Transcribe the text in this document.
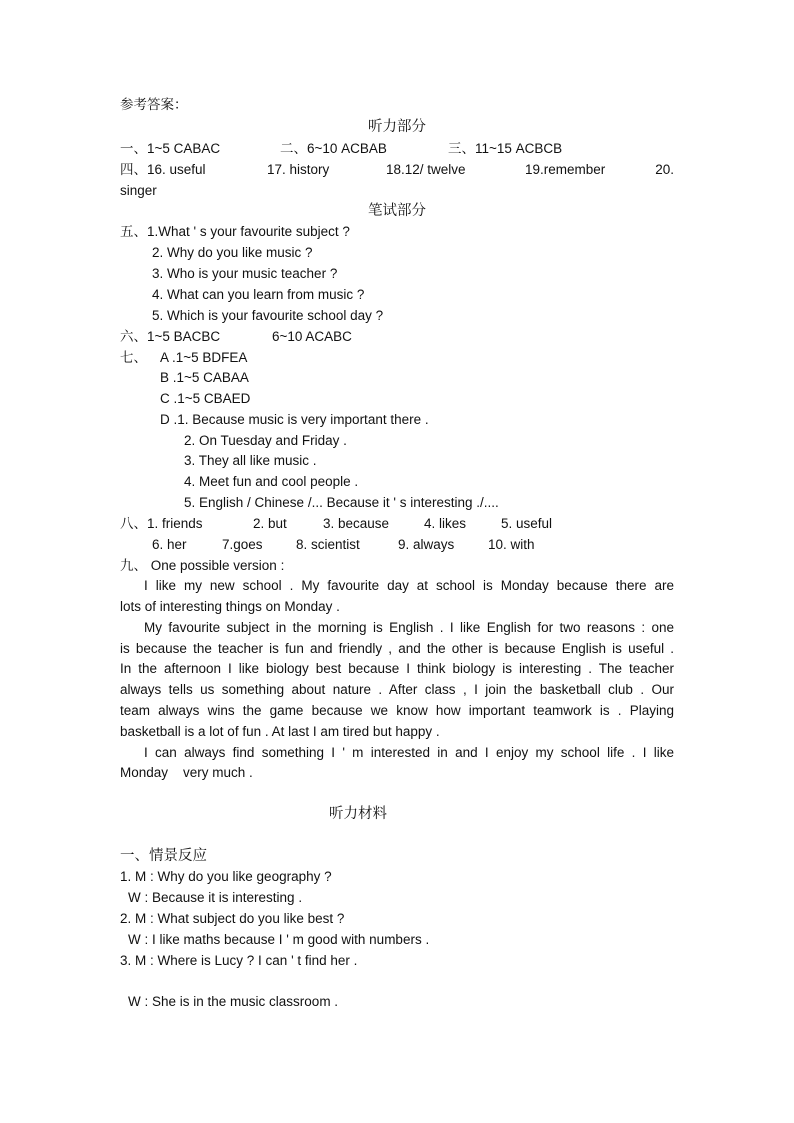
参考答案：
听力部分
一、1~5 CABAC	二、6~10 ACBAB	三、11~15 ACBCB
四、16. useful	17. history	18.12/ twelve	19.remember	20.
singer
笔试部分
五、1.What ' s your favourite subject ?
2. Why do you like music ?
3. Who is your music teacher ?
4. What can you learn from music ?
5. Which is your favourite school day ?
六、1~5 BACBC	6~10 ACABC
七、 A .1~5 BDFEA
B .1~5 CABAA
C .1~5 CBAED
D .1. Because music is very important there .
2. On Tuesday and Friday .
3. They all like music .
4. Meet fun and cool people .
5. English / Chinese /... Because it ' s interesting ./....
八、1. friends	2. but	3. because	4. likes	5. useful
6. her	7.goes 8. scientist	9. always 10. with
九、 One possible version :
I like my new school . My favourite day at school is Monday because there are
lots of interesting things on Monday .
My favourite subject in the morning is English . I like English for two reasons : one
is because the teacher is fun and friendly , and the other is because English is useful .
In the afternoon I like biology best because I think biology is interesting . The teacher
always tells us something about nature . After class , I join the basketball club . Our
team always wins the game because we know how important teamwork is . Playing
basketball is a lot of fun . At last I am tired but happy .
I can always find something I ' m interested in and I enjoy my school life . I like
Monday    very much .
听力材料
一、情景反应
1. M : Why do you like geography ?
W : Because it is interesting .
2. M : What subject do you like best ?
W : I like maths because I ' m good with numbers .
3. M : Where is Lucy ? I can ' t find her .
W : She is in the music classroom .
